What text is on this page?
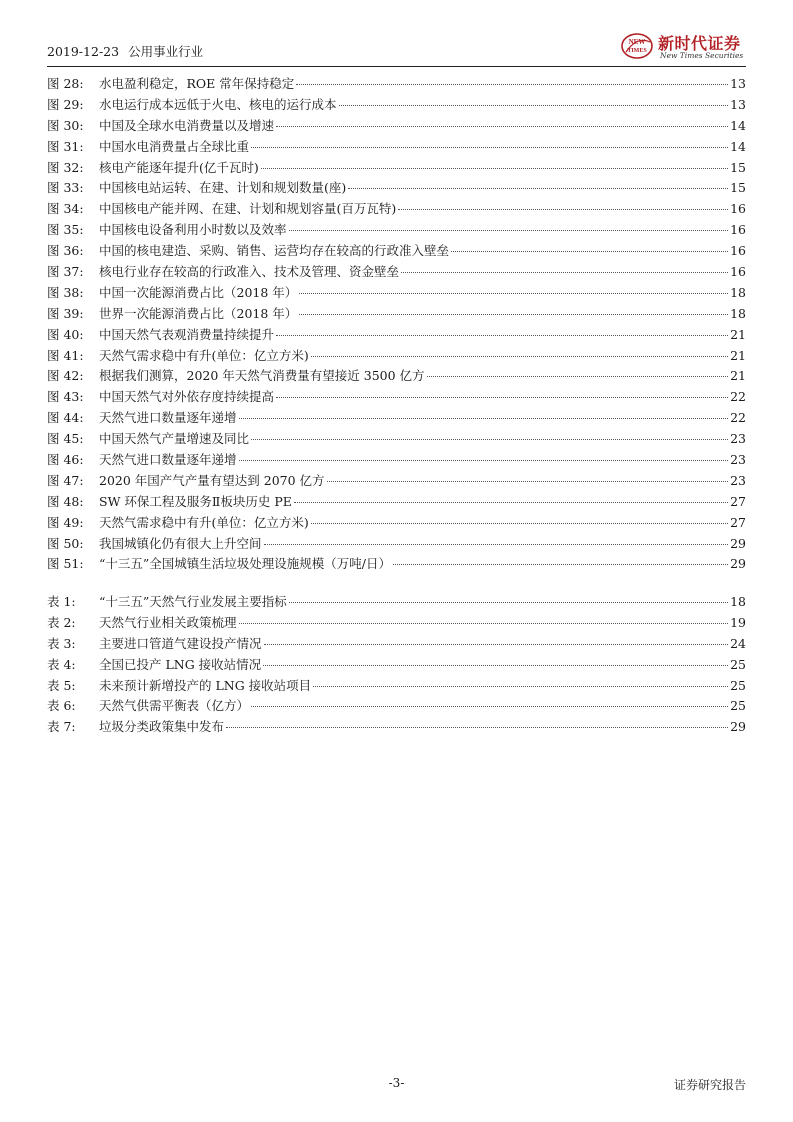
2019-12-23 公用事业行业
NEW
TIMES 新时代证券
New Times Securities
图 28:	水电盈利稳定，ROE 常年保持稳定	13
图 29:	水电运行成本远低于火电、核电的运行成本	13
图 30:	中国及全球水电消费量以及增速	14
图 31:	中国水电消费量占全球比重	14
图 32:	核电产能逐年提升(亿千瓦时)	15
图 33:	中国核电站运转、在建、计划和规划数量(座)	15
图 34:	中国核电产能并网、在建、计划和规划容量(百万瓦特)	16
图 35:	中国核电设备利用小时数以及效率	16
图 36:	中国的核电建造、采购、销售、运营均存在较高的行政准入壁垒	16
图 37:	核电行业存在较高的行政准入、技术及管理、资金壁垒	16
图 38:	中国一次能源消费占比（2018 年）	18
图 39:	世界一次能源消费占比（2018 年）	18
图 40:	中国天然气表观消费量持续提升	21
图 41:	天然气需求稳中有升(单位：亿立方米)	21
图 42:	根据我们测算，2020 年天然气消费量有望接近 3500 亿方	21
图 43:	中国天然气对外依存度持续提高	22
图 44:	天然气进口数量逐年递增	22
图 45:	中国天然气产量增速及同比	23
图 46:	天然气进口数量逐年递增	23
图 47:	2020 年国产气产量有望达到 2070 亿方	23
图 48:	SW 环保工程及服务Ⅱ板块历史 PE	27
图 49:	天然气需求稳中有升(单位：亿立方米)	27
图 50:	我国城镇化仍有很大上升空间	29
图 51:	“十三五”全国城镇生活垃圾处理设施规模（万吨/日）	29
表 1:	“十三五”天然气行业发展主要指标	18
表 2:	天然气行业相关政策梳理	19
表 3:	主要进口管道气建设投产情况	24
表 4:	全国已投产 LNG 接收站情况	25
表 5:	未来预计新增投产的 LNG 接收站项目	25
表 6:	天然气供需平衡表（亿方）	25
表 7:	垃圾分类政策集中发布	29
-3-	证券研究报告
